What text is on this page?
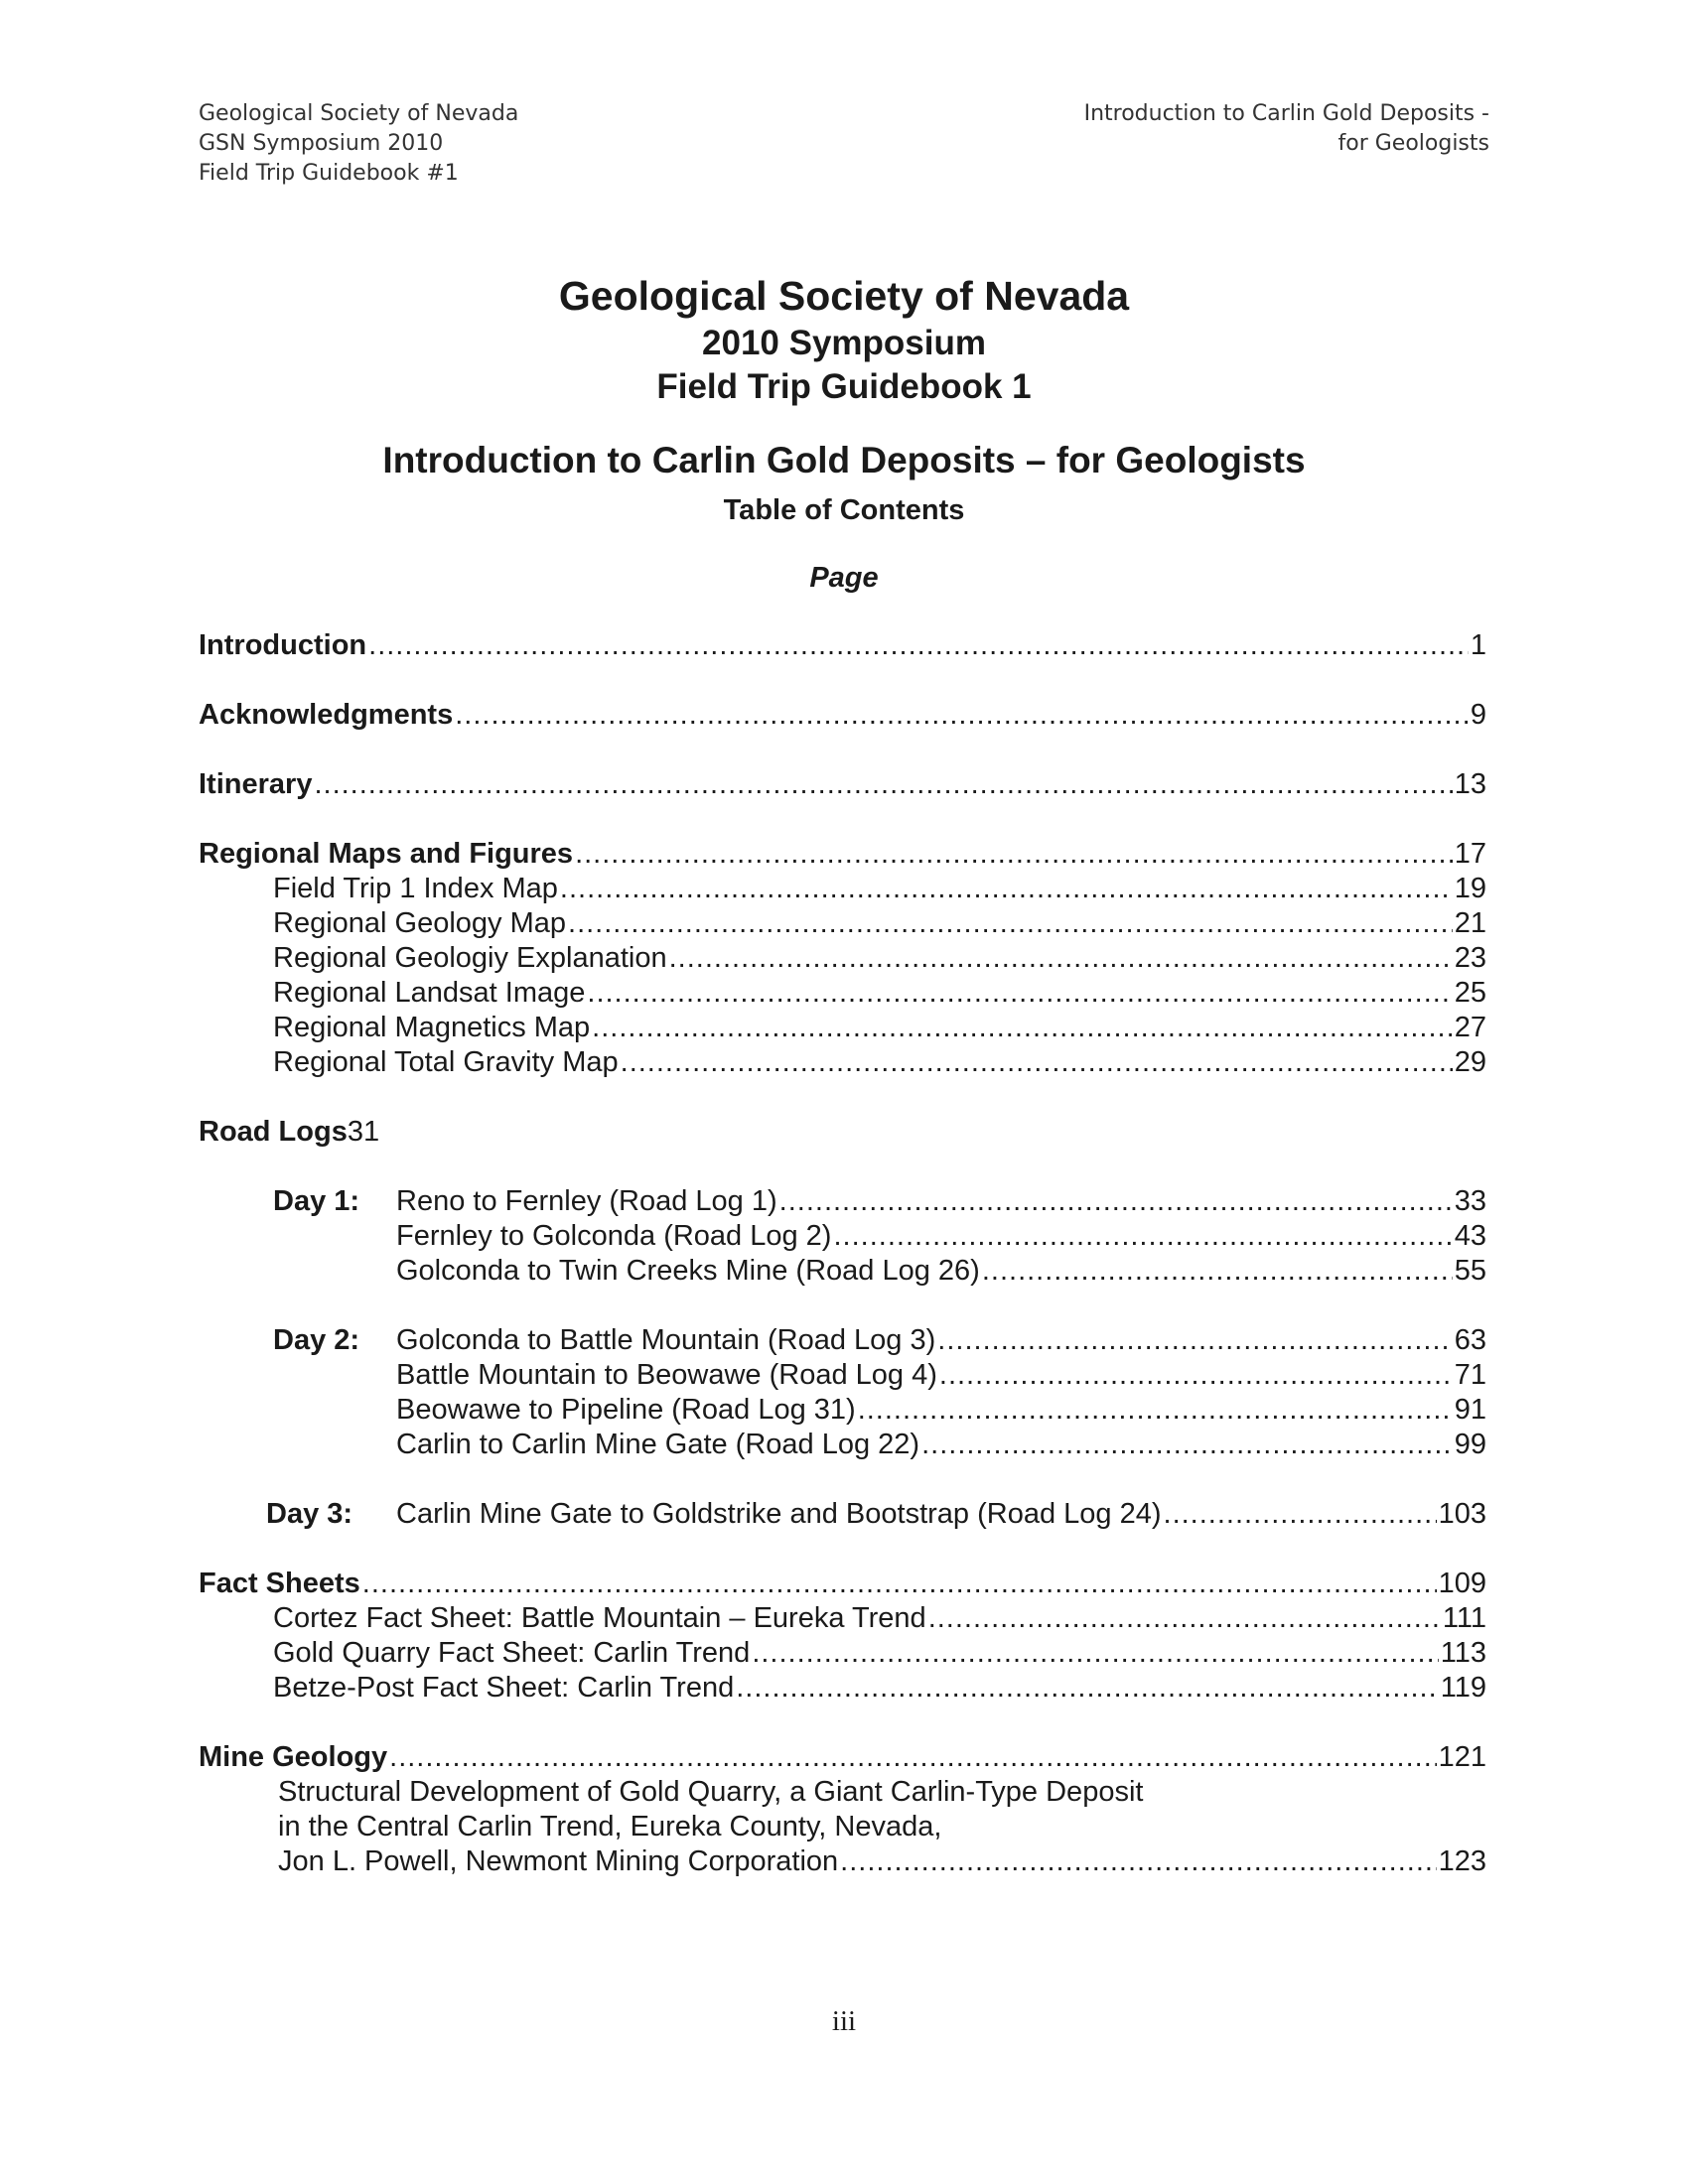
Geological Society of Nevada
GSN Symposium 2010
Field Trip Guidebook #1
Introduction to Carlin Gold Deposits -
for Geologists
Geological Society of Nevada
2010 Symposium
Field Trip Guidebook 1
Introduction to Carlin Gold Deposits – for Geologists
Table of Contents
Page
Introduction .....	1
Acknowledgments .....	9
Itinerary .....	13
Regional Maps and Figures .....	17
Field Trip 1 Index Map .....	19
Regional Geology Map .....	21
Regional Geologiy Explanation .....	23
Regional Landsat Image .....	25
Regional Magnetics Map .....	27
Regional Total Gravity Map .....	29
Road Logs31
Day 1: Reno to Fernley (Road Log 1) .....	33
Fernley to Golconda (Road Log 2) .....	43
Golconda to Twin Creeks Mine (Road Log 26) .....	55
Day 2: Golconda to Battle Mountain (Road Log 3) .....	63
Battle Mountain to Beowawe (Road Log 4) .....	71
Beowawe to Pipeline (Road Log 31) .....	91
Carlin to Carlin Mine Gate (Road Log 22) .....	99
Day 3: Carlin Mine Gate to Goldstrike and Bootstrap (Road Log 24) .....	103
Fact Sheets .....	109
Cortez Fact Sheet: Battle Mountain – Eureka Trend .....	111
Gold Quarry Fact Sheet: Carlin Trend .....	113
Betze-Post Fact Sheet: Carlin Trend .....	119
Mine Geology .....	121
Structural Development of Gold Quarry, a Giant Carlin-Type Deposit
in the Central Carlin Trend, Eureka County, Nevada,
Jon L. Powell, Newmont Mining Corporation .....	123
iii
